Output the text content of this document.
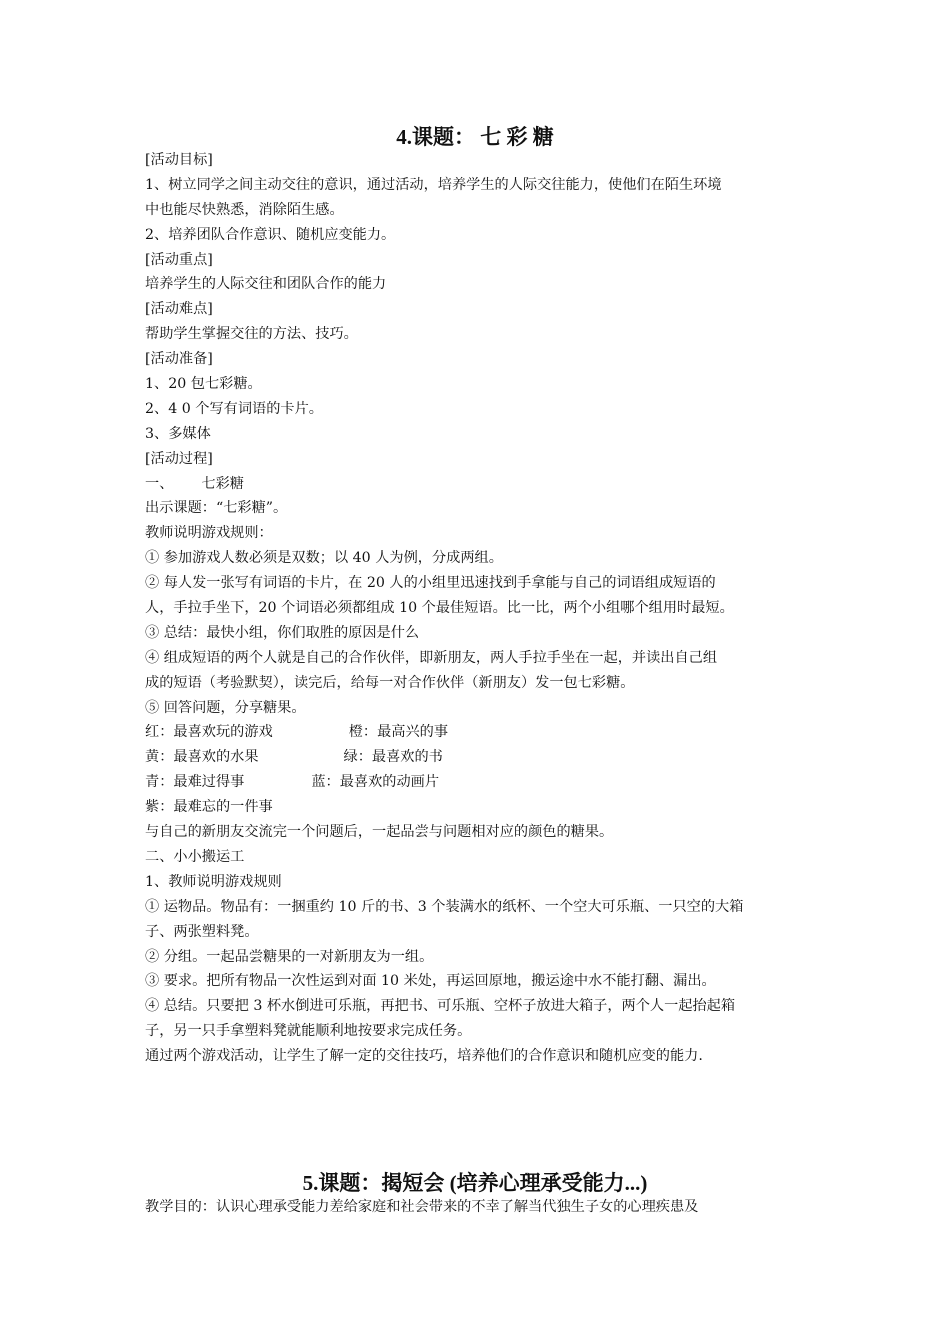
4.课题： 七 彩 糖
[活动目标]
1、树立同学之间主动交往的意识，通过活动，培养学生的人际交往能力，使他们在陌生环境
中也能尽快熟悉，消除陌生感。
2、培养团队合作意识、随机应变能力。
[活动重点]
培养学生的人际交往和团队合作的能力
[活动难点]
帮助学生掌握交往的方法、技巧。
[活动准备]
1、20 包七彩糖。
2、4 0 个写有词语的卡片。
3、多媒体
[活动过程]
一、 七彩糖
出示课题：“七彩糖”。
教师说明游戏规则：
① 参加游戏人数必须是双数；以 40 人为例，分成两组。
② 每人发一张写有词语的卡片，在 20 人的小组里迅速找到手拿能与自己的词语组成短语的
人，手拉手坐下，20 个词语必须都组成 10 个最佳短语。比一比，两个小组哪个组用时最短。
③ 总结：最快小组，你们取胜的原因是什么
④ 组成短语的两个人就是自己的合作伙伴，即新朋友，两人手拉手坐在一起，并读出自己组
成的短语（考验默契），读完后，给每一对合作伙伴（新朋友）发一包七彩糖。
⑤ 回答问题，分享糖果。
红：最喜欢玩的游戏	橙：最高兴的事
黄：最喜欢的水果	绿：最喜欢的书
青：最难过得事	蓝：最喜欢的动画片
紫：最难忘的一件事
与自己的新朋友交流完一个问题后，一起品尝与问题相对应的颜色的糖果。
二、小小搬运工
1、教师说明游戏规则
① 运物品。物品有：一捆重约 10 斤的书、3 个装满水的纸杯、一个空大可乐瓶、一只空的大箱
子、两张塑料凳。
② 分组。一起品尝糖果的一对新朋友为一组。
③ 要求。把所有物品一次性运到对面 10 米处，再运回原地，搬运途中水不能打翻、漏出。
④ 总结。只要把 3 杯水倒进可乐瓶，再把书、可乐瓶、空杯子放进大箱子，两个人一起抬起箱
子，另一只手拿塑料凳就能顺利地按要求完成任务。
通过两个游戏活动，让学生了解一定的交往技巧，培养他们的合作意识和随机应变的能力.
5.课题：揭短会 (培养心理承受能力...)
教学目的：认识心理承受能力差给家庭和社会带来的不幸了解当代独生子女的心理疾患及
